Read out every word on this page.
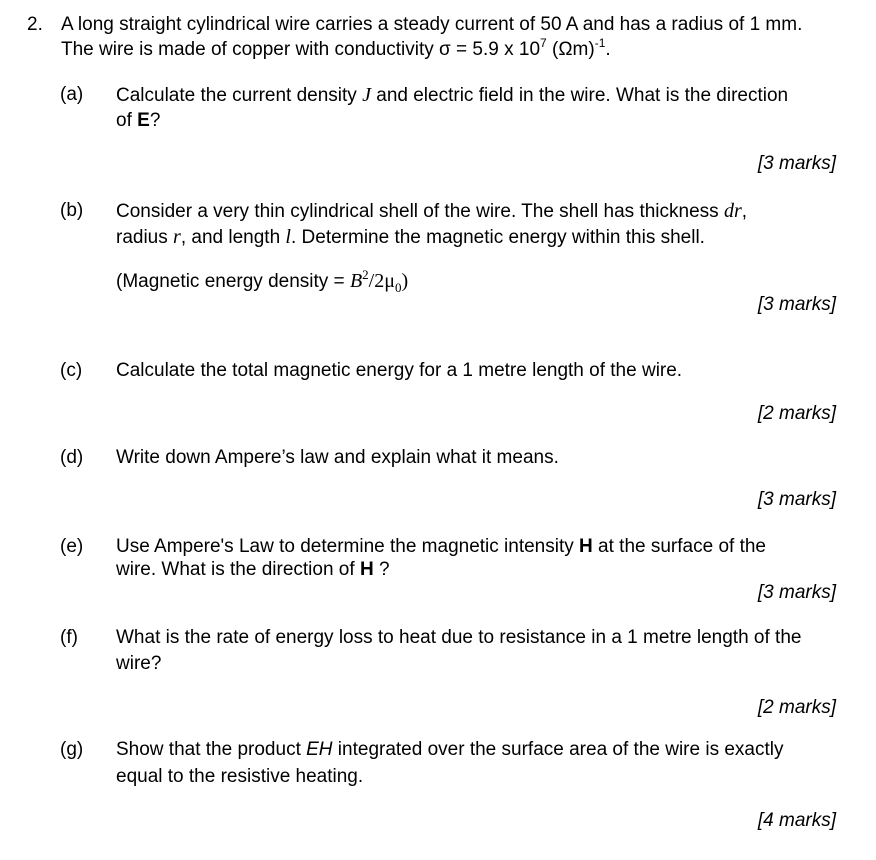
2. A long straight cylindrical wire carries a steady current of 50 A and has a radius of 1 mm.
The wire is made of copper with conductivity σ = 5.9 x $10^7$ $(\Omega m)^{-1}$.
(a) Calculate the current density J and electric field in the wire. What is the direction
of E?
[3 marks]
(b) Consider a very thin cylindrical shell of the wire. The shell has thickness dr,
radius r, and length l. Determine the magnetic energy within this shell.
(Magnetic energy density = $B^2/2\mu_0$)
[3 marks]
(c) Calculate the total magnetic energy for a 1 metre length of the wire.
[2 marks]
(d) Write down Ampere’s law and explain what it means.
[3 marks]
(e) Use Ampere's Law to determine the magnetic intensity H at the surface of the
wire. What is the direction of H ?
[3 marks]
(f) What is the rate of energy loss to heat due to resistance in a 1 metre length of the
wire?
[2 marks]
(g) Show that the product EH integrated over the surface area of the wire is exactly
equal to the resistive heating.
[4 marks]
